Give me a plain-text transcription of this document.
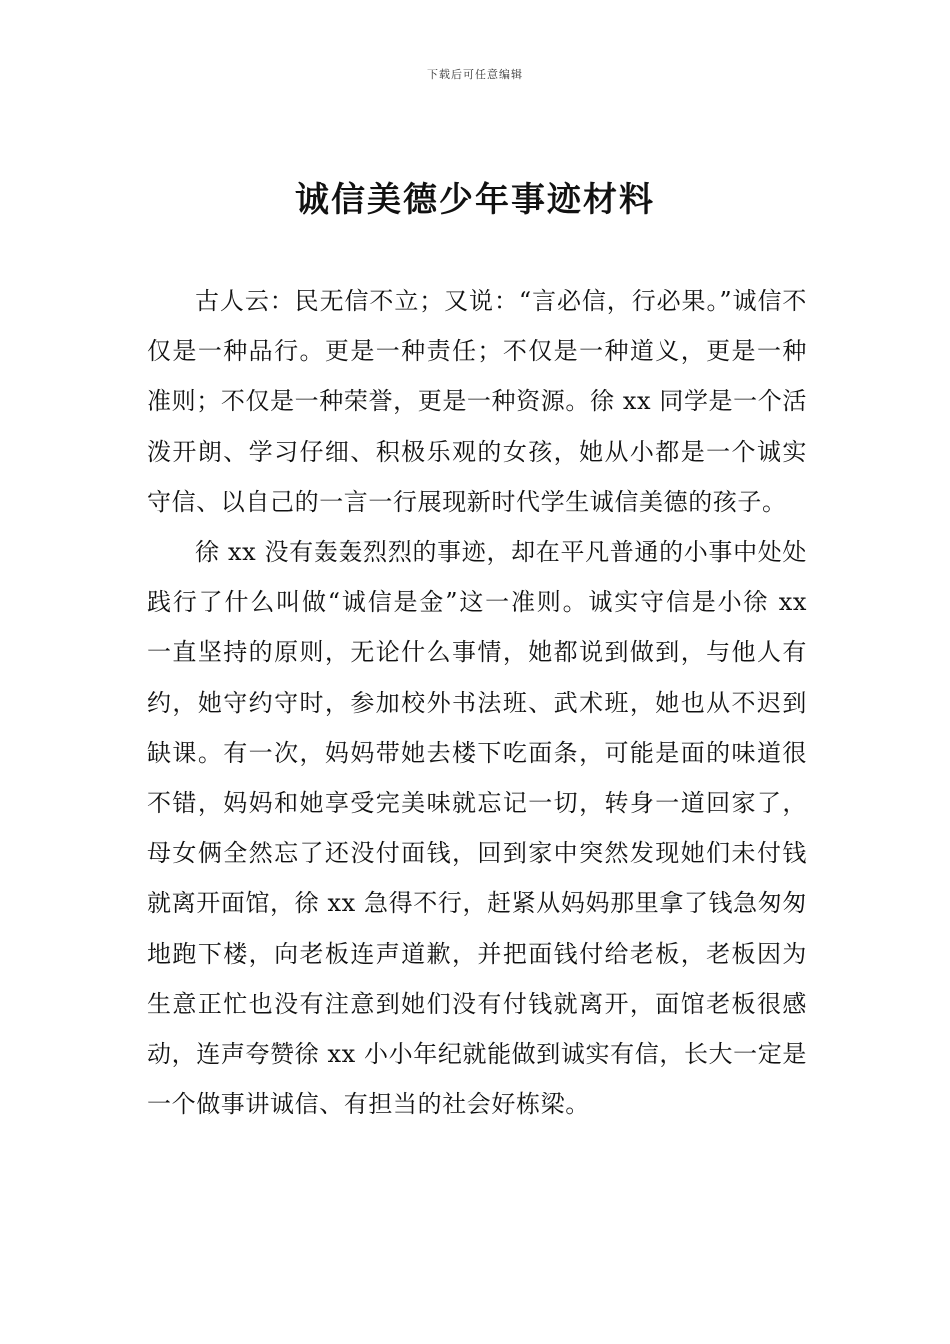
下载后可任意编辑
诚信美德少年事迹材料

古人云：民无信不立；又说：“言必信，行必果。”诚信不仅是一种品行。更是一种责任；不仅是一种道义，更是一种准则；不仅是一种荣誉，更是一种资源。徐 xx 同学是一个活泼开朗、学习仔细、积极乐观的女孩，她从小都是一个诚实守信、以自己的一言一行展现新时代学生诚信美德的孩子。

徐 xx 没有轰轰烈烈的事迹，却在平凡普通的小事中处处践行了什么叫做“诚信是金”这一准则。诚实守信是小徐 xx 一直坚持的原则，无论什么事情，她都说到做到，与他人有约，她守约守时，参加校外书法班、武术班，她也从不迟到缺课。有一次，妈妈带她去楼下吃面条，可能是面的味道很不错，妈妈和她享受完美味就忘记一切，转身一道回家了，母女俩全然忘了还没付面钱，回到家中突然发现她们未付钱就离开面馆，徐 xx 急得不行，赶紧从妈妈那里拿了钱急匆匆地跑下楼，向老板连声道歉，并把面钱付给老板，老板因为生意正忙也没有注意到她们没有付钱就离开，面馆老板很感动，连声夸赞徐 xx 小小年纪就能做到诚实有信，长大一定是一个做事讲诚信、有担当的社会好栋梁。
